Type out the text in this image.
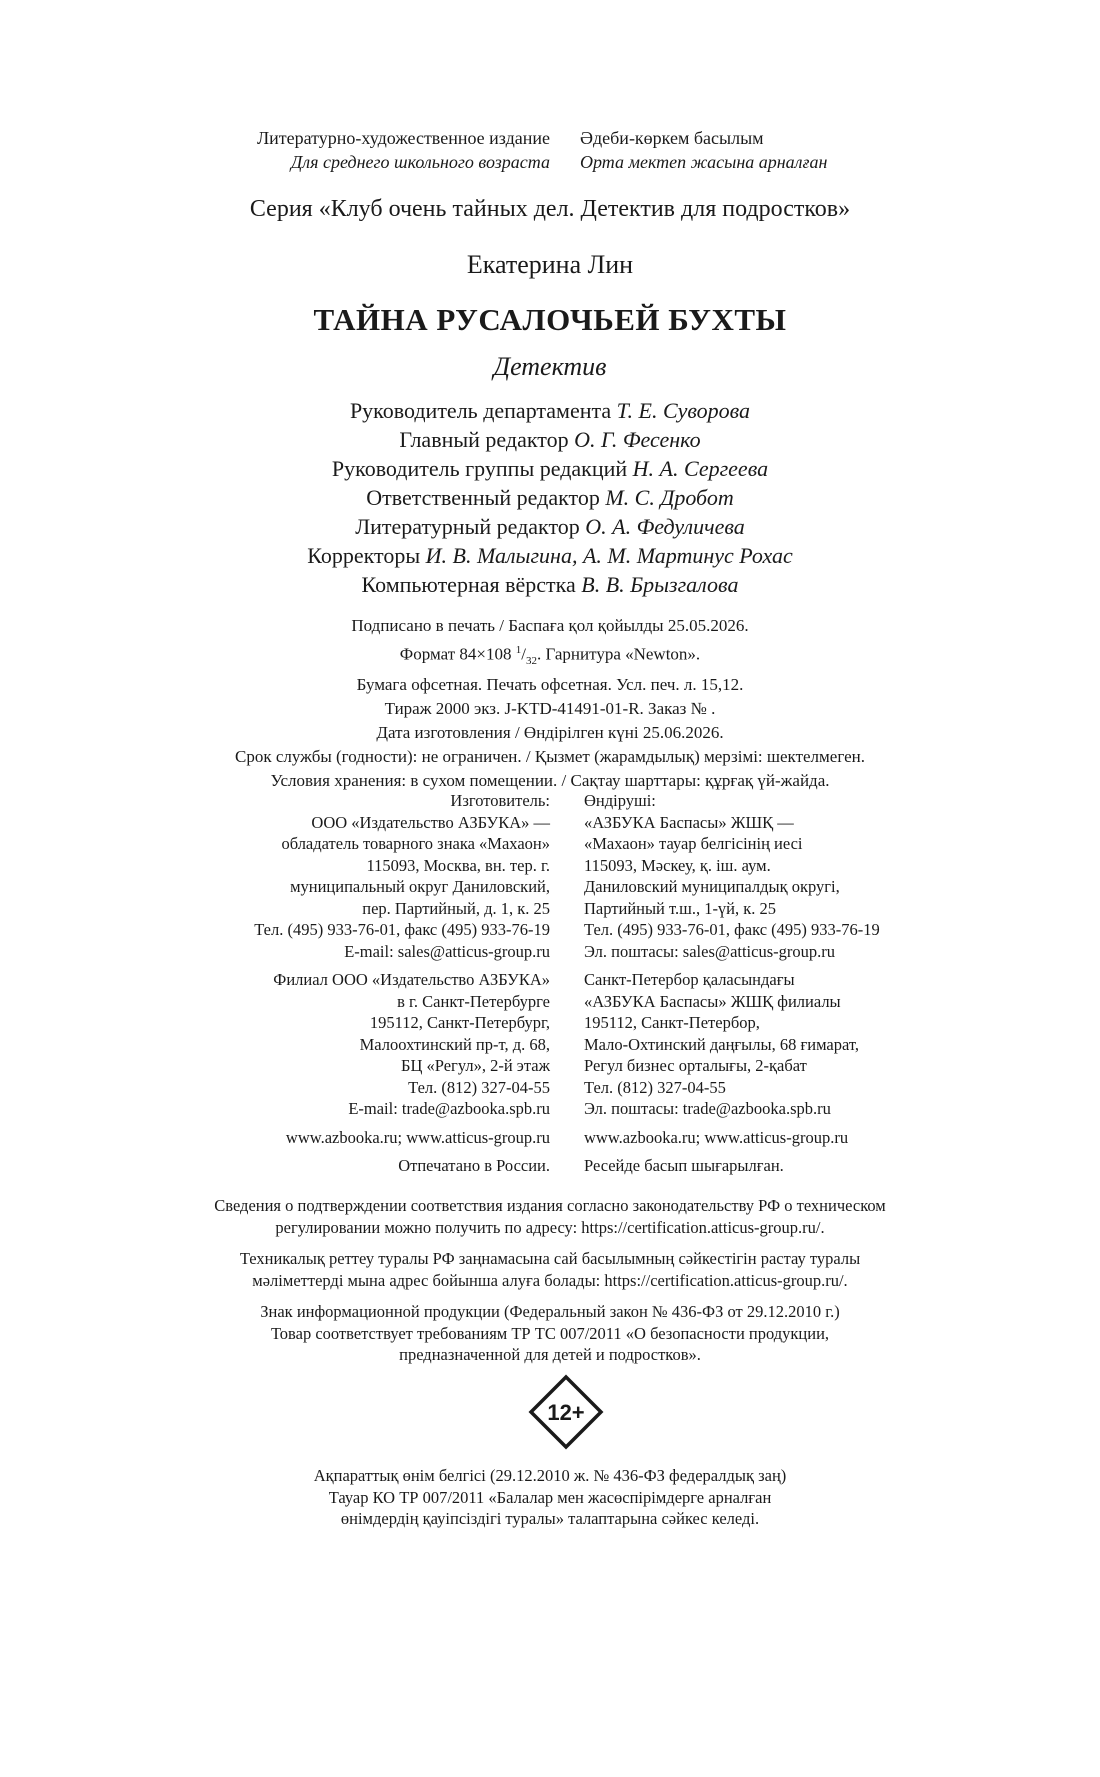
Литературно-художественное издание
Для среднего школьного возраста
Әдеби-көркем басылым
Орта мектеп жасына арналған
Серия «Клуб очень тайных дел. Детектив для подростков»
Екатерина Лин
ТАЙНА РУСАЛОЧЬЕЙ БУХТЫ
Детектив
Руководитель департамента Т. Е. Суворова
Главный редактор О. Г. Фесенко
Руководитель группы редакций Н. А. Сергеева
Ответственный редактор М. С. Дробот
Литературный редактор О. А. Федуличева
Корректоры И. В. Малыгина, А. М. Мартинус Рохас
Компьютерная вёрстка В. В. Брызгалова
Подписано в печать / Баспаға қол қойылды 25.05.2026.
Формат 84×108 $^1/_{32}$. Гарнитура «Newton».
Бумага офсетная. Печать офсетная. Усл. печ. л. 15,12.
Тираж 2000 экз. J-KTD-41491-01-R. Заказ № .
Дата изготовления / Өндірілген күні 25.06.2026.
Срок службы (годности): не ограничен. / Қызмет (жарамдылық) мерзімі: шектелмеген.
Условия хранения: в сухом помещении. / Сақтау шарттары: құрғақ үй-жайда.
Изготовитель:
ООО «Издательство АЗБУКА» —
обладатель товарного знака «Махаон»
115093, Москва, вн. тер. г.
муниципальный округ Даниловский,
пер. Партийный, д. 1, к. 25
Тел. (495) 933-76-01, факс (495) 933-76-19
E-mail: sales@atticus-group.ru
Филиал ООО «Издательство АЗБУКА»
в г. Санкт-Петербурге
195112, Санкт-Петербург,
Малоохтинский пр-т, д. 68,
БЦ «Регул», 2-й этаж
Тел. (812) 327-04-55
E-mail: trade@azbooka.spb.ru
www.azbooka.ru; www.atticus-group.ru
Отпечатано в России.
Өндіруші:
«АЗБУКА Баспасы» ЖШҚ —
«Махаон» тауар белгісінің иесі
115093, Мәскеу, қ. іш. аум.
Даниловский муниципалдық округі,
Партийный т.ш., 1-үй, к. 25
Тел. (495) 933-76-01, факс (495) 933-76-19
Эл. поштасы: sales@atticus-group.ru
Санкт-Петербор қаласындағы
«АЗБУКА Баспасы» ЖШҚ филиалы
195112, Санкт-Петербор,
Мало-Охтинский даңғылы, 68 ғимарат,
Регул бизнес орталығы, 2-қабат
Тел. (812) 327-04-55
Эл. поштасы: trade@azbooka.spb.ru
www.azbooka.ru; www.atticus-group.ru
Ресейде басып шығарылған.
Сведения о подтверждении соответствия издания согласно законодательству РФ о техническом
регулировании можно получить по адресу: https://certification.atticus-group.ru/.
Техникалық реттеу туралы РФ заңнамасына сай басылымның сәйкестігін растау туралы
мәліметтерді мына адрес бойынша алуға болады: https://certification.atticus-group.ru/.
Знак информационной продукции (Федеральный закон № 436-ФЗ от 29.12.2010 г.)
Товар соответствует требованиям ТР ТС 007/2011 «О безопасности продукции,
предназначенной для детей и подростков».
12+
Ақпараттық өнім белгісі (29.12.2010 ж. № 436-ФЗ федералдық заң)
Тауар КО ТР 007/2011 «Балалар мен жасөспірімдерге арналған
өнімдердің қауіпсіздігі туралы» талаптарына сәйкес келеді.
